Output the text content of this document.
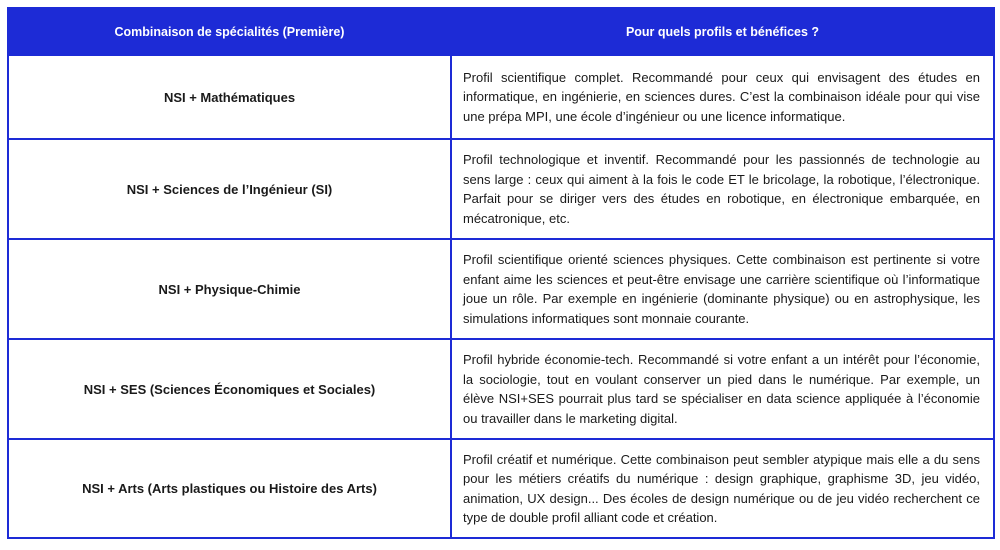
Combinaison de spécialités (Première)	Pour quels profils et bénéfices ?
NSI + Mathématiques	Profil scientifique complet. Recommandé pour ceux qui envisagent des études en informatique, en ingénierie, en sciences dures. C’est la combinaison idéale pour qui vise une prépa MPI, une école d’ingénieur ou une licence informatique.
NSI + Sciences de l’Ingénieur (SI)	Profil technologique et inventif. Recommandé pour les passionnés de technologie au sens large : ceux qui aiment à la fois le code ET le bricolage, la robotique, l’électronique. Parfait pour se diriger vers des études en robotique, en électronique embarquée, en mécatronique, etc.
NSI + Physique-Chimie	Profil scientifique orienté sciences physiques. Cette combinaison est pertinente si votre enfant aime les sciences et peut-être envisage une carrière scientifique où l’informatique joue un rôle. Par exemple en ingénierie (dominante physique) ou en astrophysique, les simulations informatiques sont monnaie courante.
NSI + SES (Sciences Économiques et Sociales)	Profil hybride économie-tech. Recommandé si votre enfant a un intérêt pour l’économie, la sociologie, tout en voulant conserver un pied dans le numérique. Par exemple, un élève NSI+SES pourrait plus tard se spécialiser en data science appliquée à l’économie ou travailler dans le marketing digital.
NSI + Arts (Arts plastiques ou Histoire des Arts)	Profil créatif et numérique. Cette combinaison peut sembler atypique mais elle a du sens pour les métiers créatifs du numérique : design graphique, graphisme 3D, jeu vidéo, animation, UX design... Des écoles de design numérique ou de jeu vidéo recherchent ce type de double profil alliant code et création.
